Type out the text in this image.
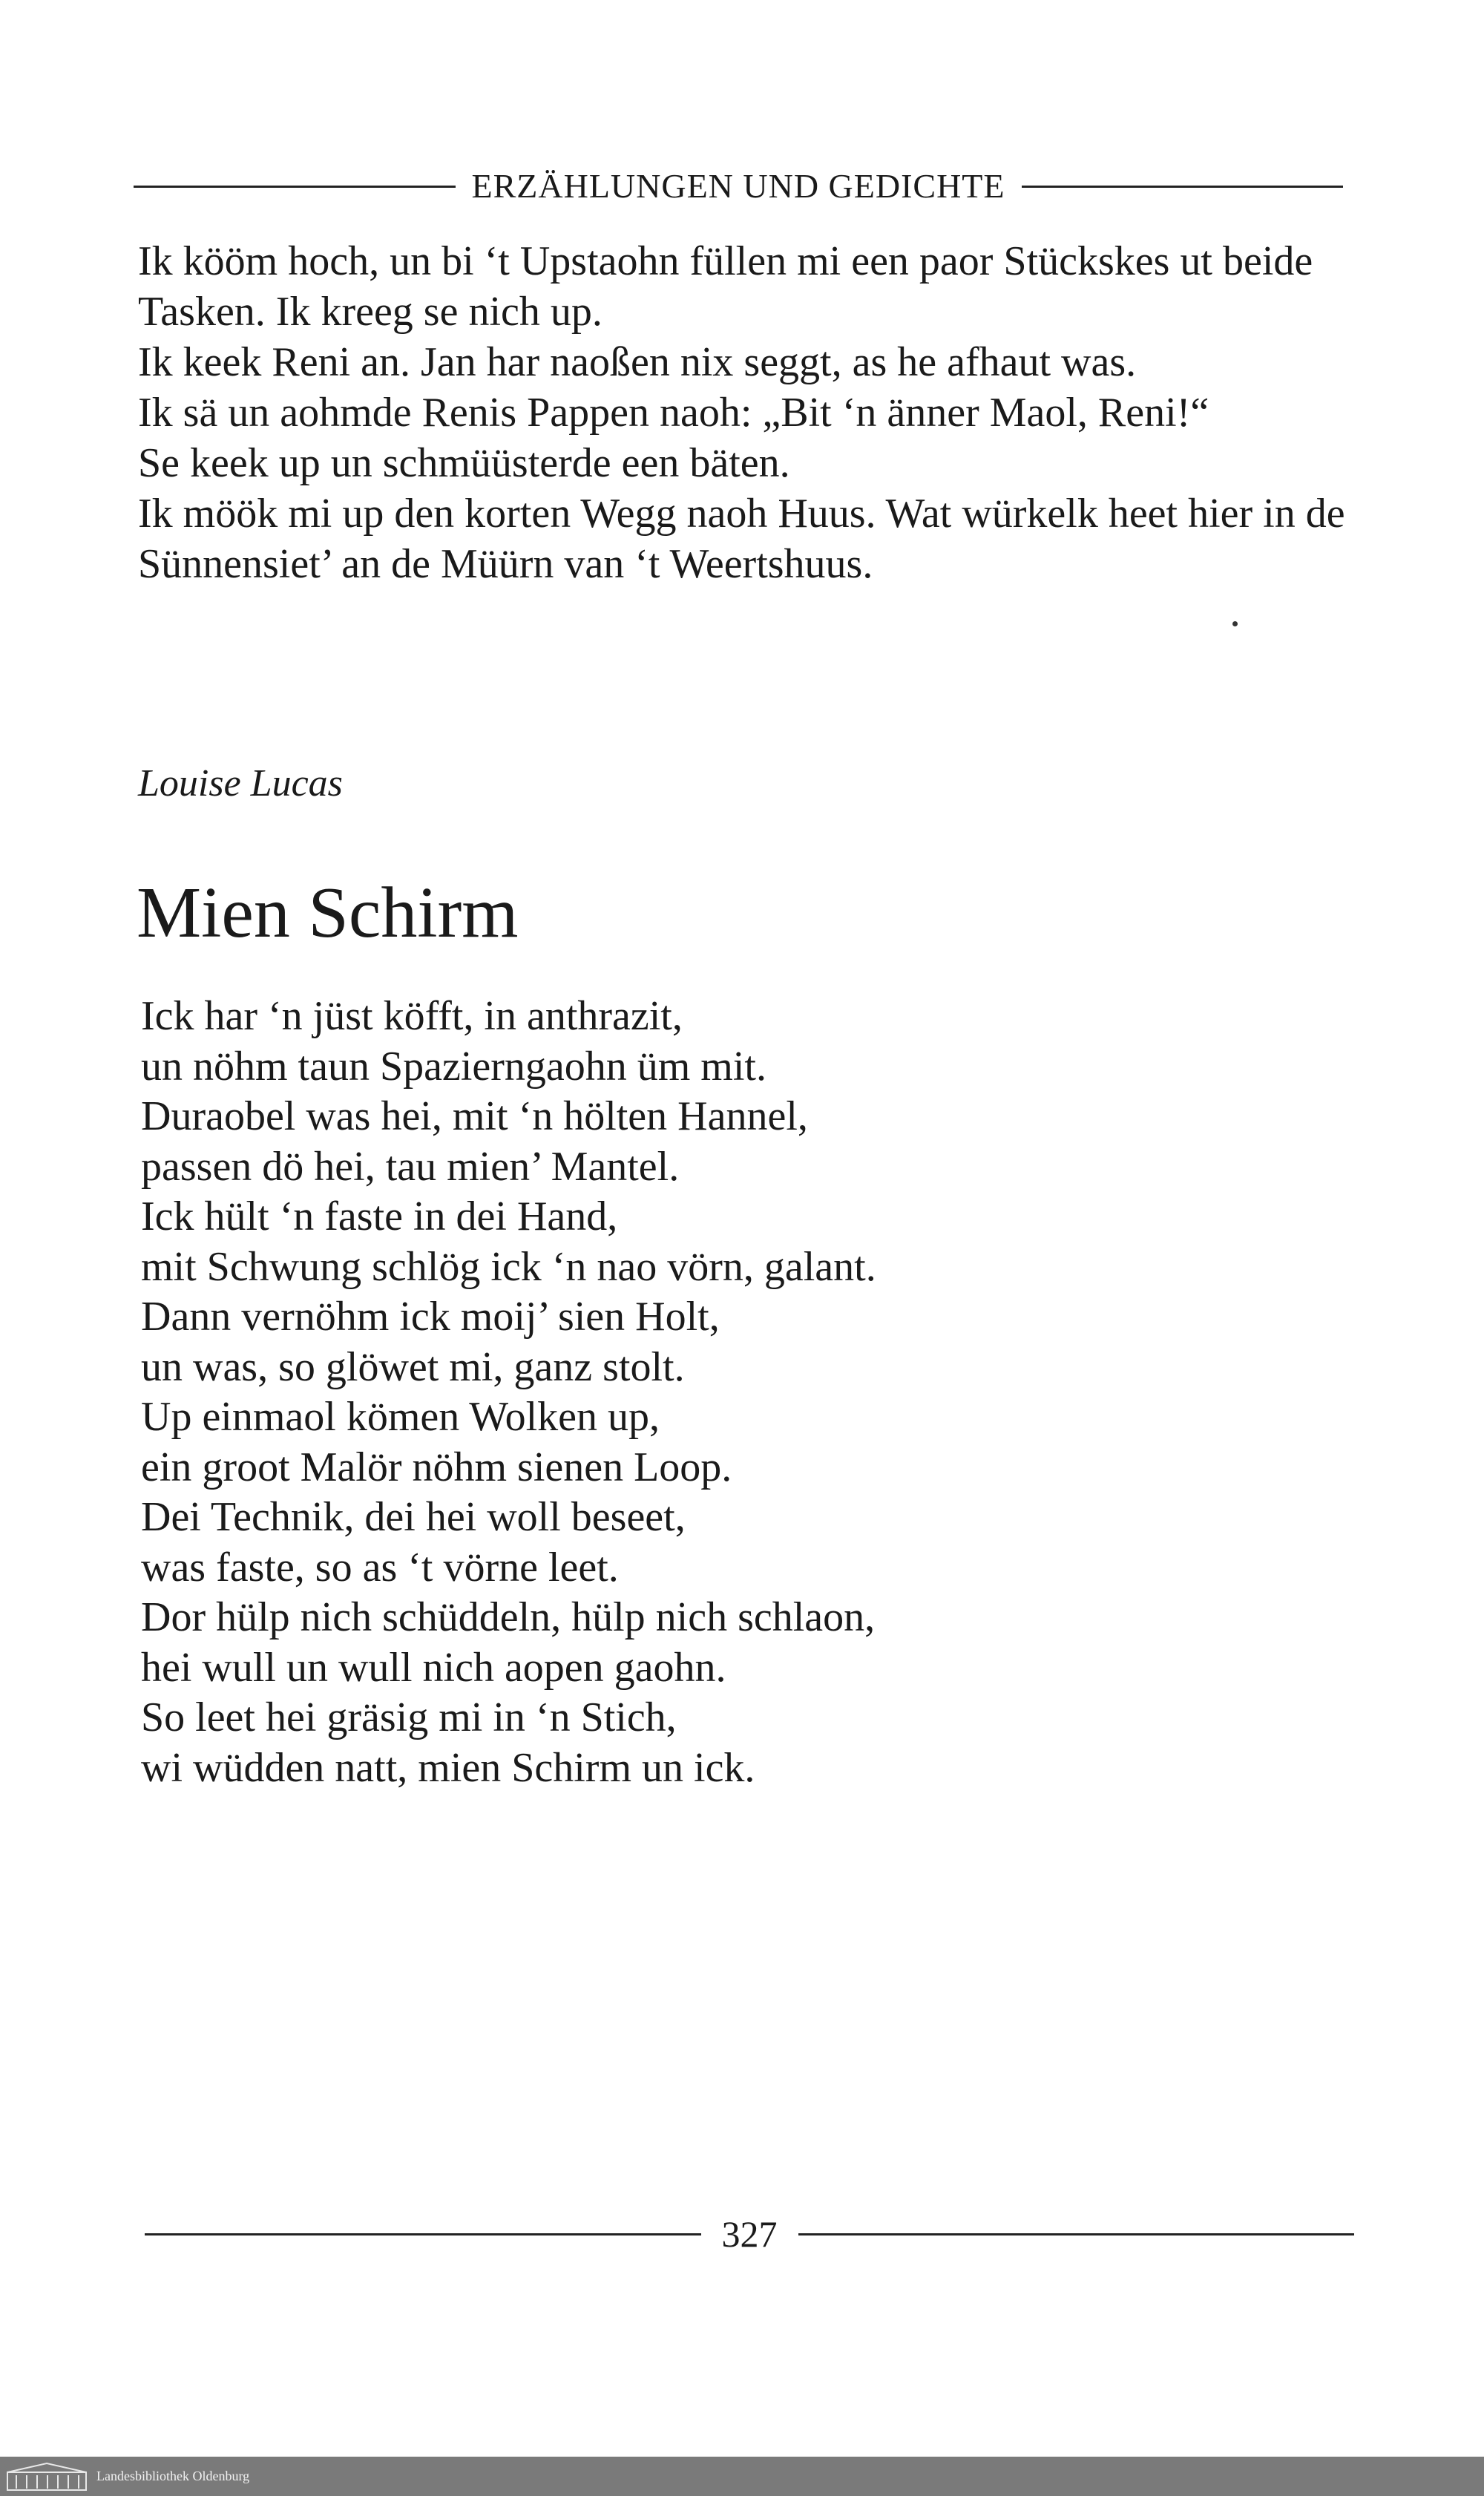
ERZÄHLUNGEN UND GEDICHTE

Ik kööm hoch, un bi ‘t Upstaohn füllen mi een paor Stückskes ut beide Tasken. Ik kreeg se nich up.

Ik keek Reni an. Jan har naoßen nix seggt, as he afhaut was.

Ik sä un aohmde Renis Pappen naoh: „Bit ‘n änner Maol, Reni!“

Se keek up un schmüüsterde een bäten.

Ik möök mi up den korten Wegg naoh Huus. Wat würkelk heet hier in de Sünnensiet’ an de Müürn van ‘t Weertshuus.

Louise Lucas
Mien Schirm
Ick har ‘n jüst köfft, in anthrazit,
un nöhm taun Spazierngaohn üm mit.
Duraobel was hei, mit ‘n hölten Hannel,
passen dö hei, tau mien’ Mantel.
Ick hült ‘n faste in dei Hand,
mit Schwung schlög ick ‘n nao vörn, galant.
Dann vernöhm ick moij’ sien Holt,
un was, so glöwet mi, ganz stolt.
Up einmaol kömen Wolken up,
ein groot Malör nöhm sienen Loop.
Dei Technik, dei hei woll beseet,
was faste, so as ‘t vörne leet.
Dor hülp nich schüddeln, hülp nich schlaon,
hei wull un wull nich aopen gaohn.
So leet hei gräsig mi in ‘n Stich,
wi wüdden natt, mien Schirm un ick.
327
Landesbibliothek Oldenburg
